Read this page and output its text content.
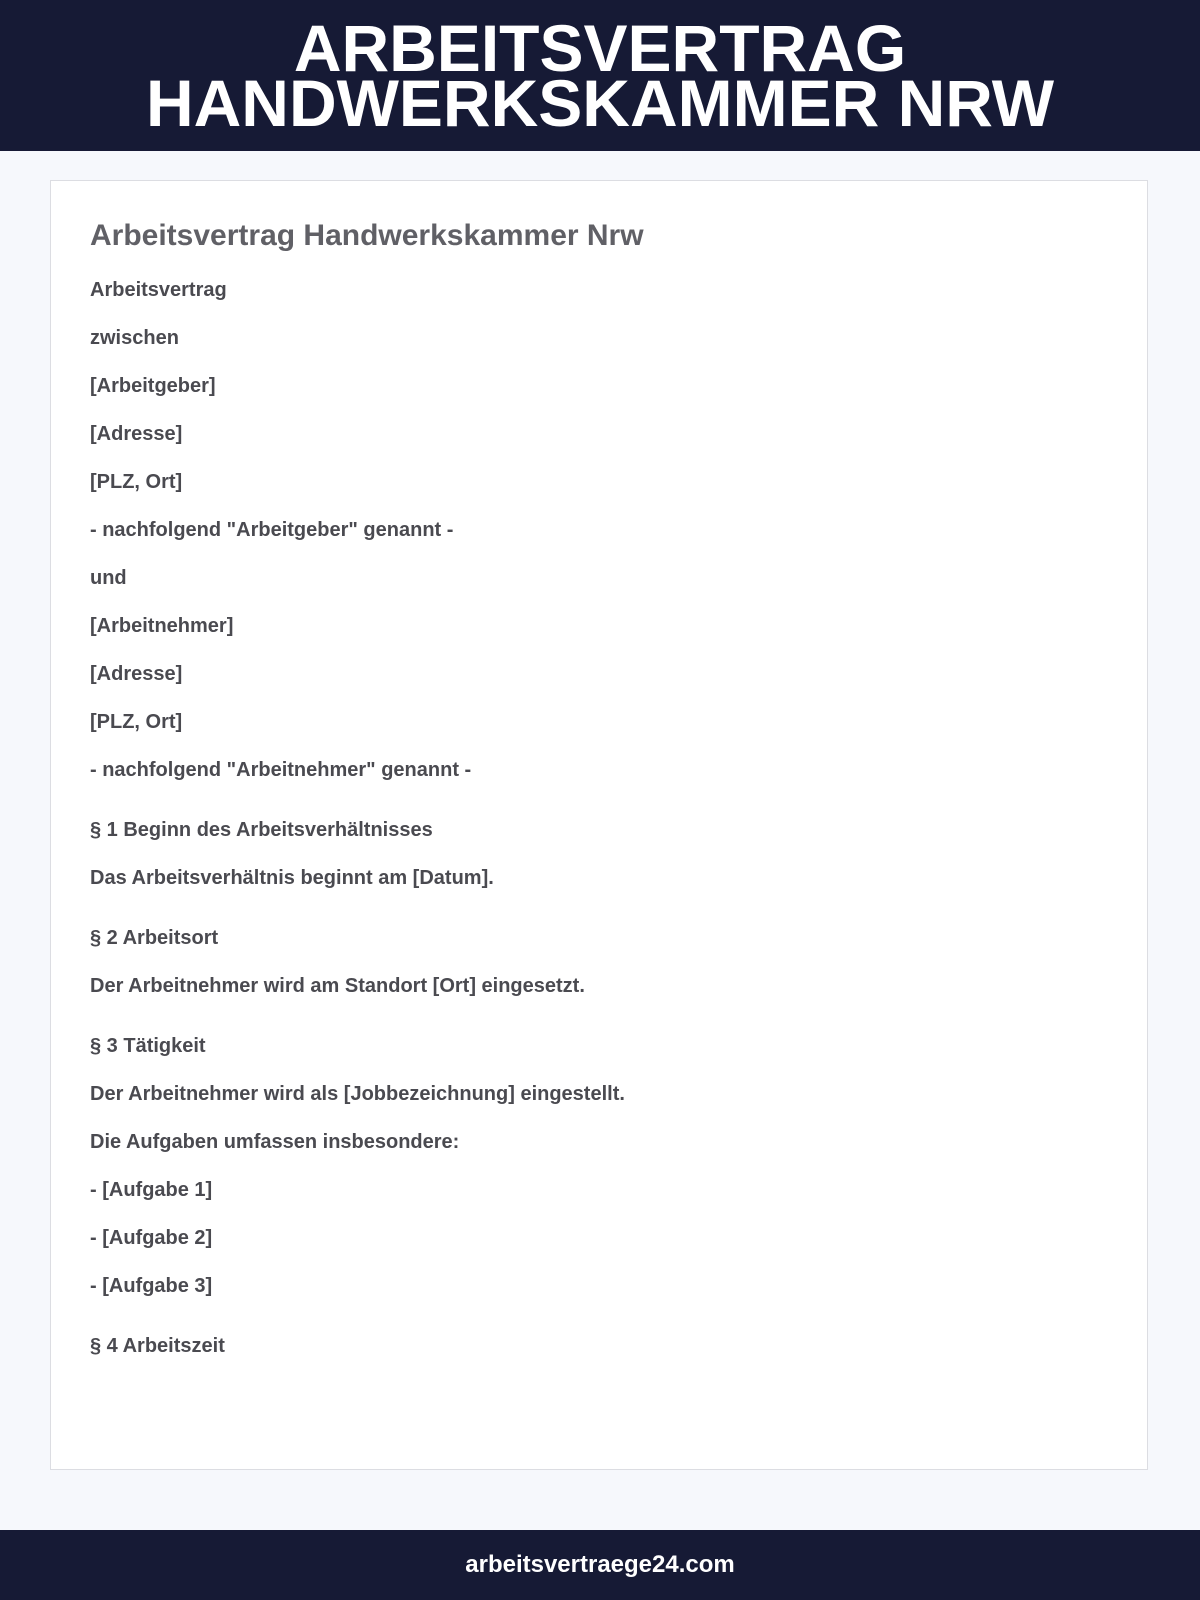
ARBEITSVERTRAG
HANDWERKSKAMMER NRW
Arbeitsvertrag Handwerkskammer Nrw

Arbeitsvertrag

zwischen

[Arbeitgeber]

[Adresse]

[PLZ, Ort]

- nachfolgend "Arbeitgeber" genannt -

und

[Arbeitnehmer]

[Adresse]

[PLZ, Ort]

- nachfolgend "Arbeitnehmer" genannt -

§ 1 Beginn des Arbeitsverhältnisses

Das Arbeitsverhältnis beginnt am [Datum].

§ 2 Arbeitsort

Der Arbeitnehmer wird am Standort [Ort] eingesetzt.

§ 3 Tätigkeit

Der Arbeitnehmer wird als [Jobbezeichnung] eingestellt.

Die Aufgaben umfassen insbesondere:

- [Aufgabe 1]

- [Aufgabe 2]

- [Aufgabe 3]

§ 4 Arbeitszeit

arbeitsvertraege24.com
